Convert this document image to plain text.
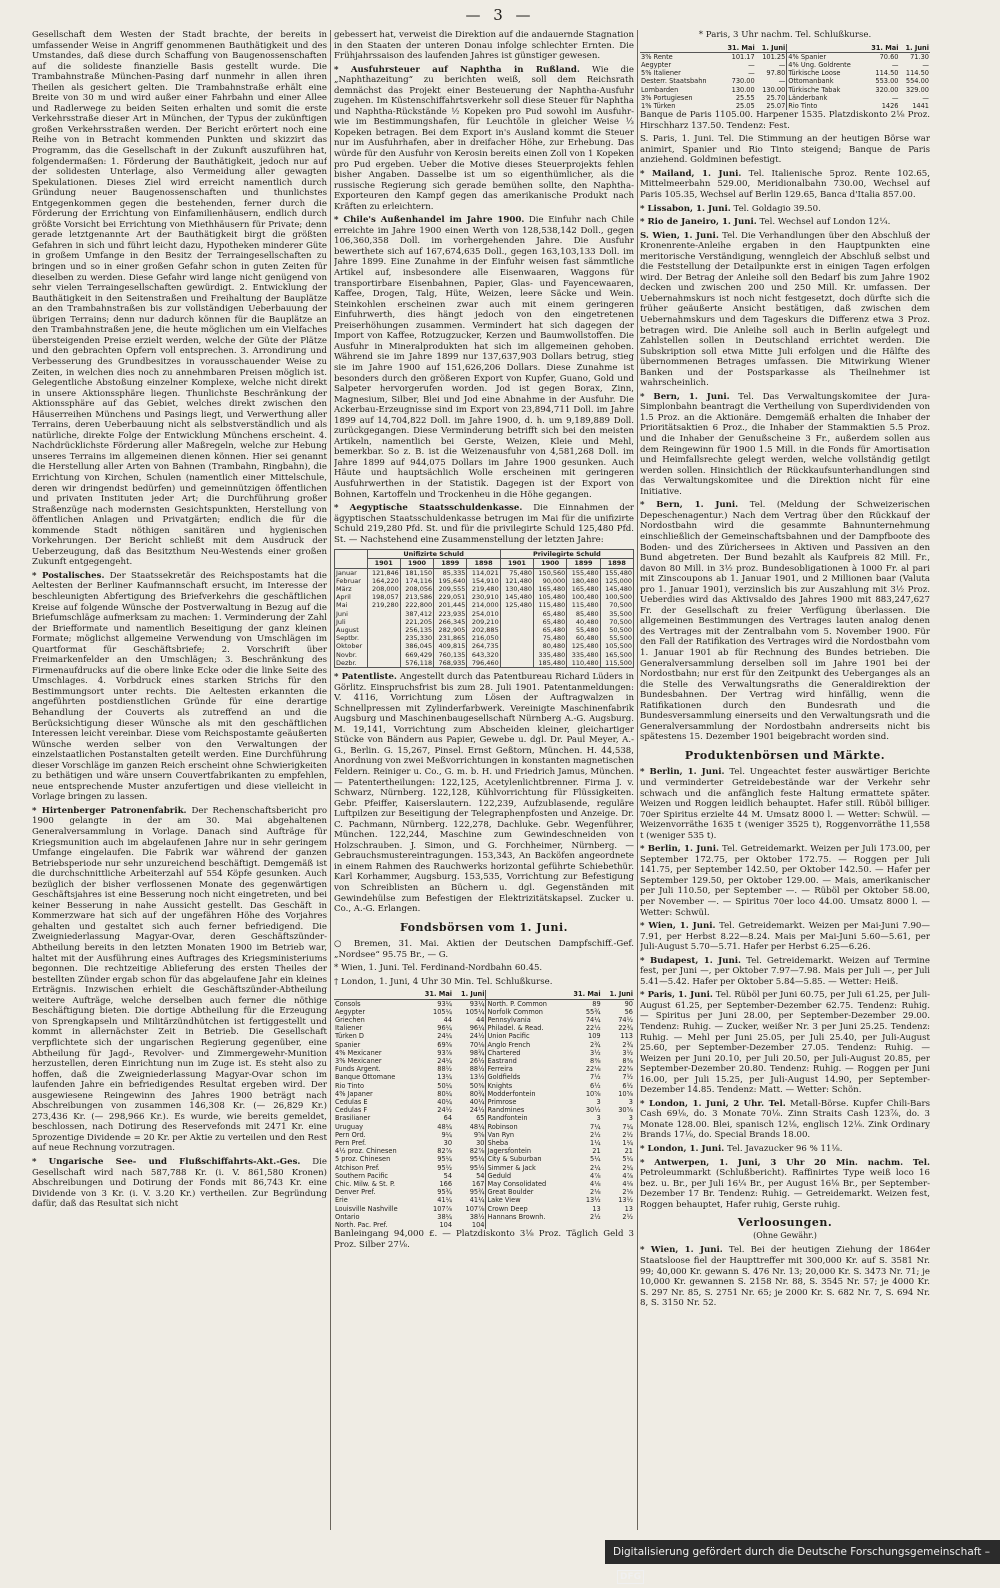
— 3 —
Gesellschaft dem Westen der Stadt brachte, der bereits in umfassender Weise in Angriff genommenen Bauthätigkeit und des Umstandes, daß diese durch Schaffung von Baugenossenschaften auf die solideste finanzielle Basis gestellt wurde. Die Trambahnstraße München-Pasing darf nunmehr in allen ihren Theilen als gesichert gelten. Die Trambahnstraße erhält eine Breite von 30 m und wird außer einer Fahrbahn und einer Allee und Radlerwege zu beiden Seiten erhalten und somit die erste Verkehrsstraße dieser Art in München, der Typus der zukünftigen großen Verkehrsstraßen werden. Der Bericht erörtert noch eine Reihe von in Betracht kommenden Punkten und skizzirt das Programm, das die Gesellschaft in der Zukunft auszuführen hat, folgendermaßen: 1. Förderung der Bauthätigkeit, jedoch nur auf der solidesten Unterlage, also Vermeidung aller gewagten Spekulationen. Dieses Ziel wird erreicht namentlich durch Gründung neuer Baugenossenschaften und thunlichstes Entgegenkommen gegen die bestehenden, ferner durch die Förderung der Errichtung von Einfamilienhäusern, endlich durch größte Vorsicht bei Errichtung von Miethhäusern für Private; denn gerade letztgenannte Art der Bauthätigkeit birgt die größten Gefahren in sich und führt leicht dazu, Hypotheken minderer Güte in großem Umfange in den Besitz der Terraingesellschaften zu bringen und so in einer großen Gefahr schon in guten Zeiten für dieselben zu werden. Diese Gefahr wird lange nicht genügend von sehr vielen Terraingesellschaften gewürdigt. 2. Entwicklung der Bauthätigkeit in den Seitenstraßen und Freihaltung der Bauplätze an den Trambahnstraßen bis zur vollständigen Ueberbauung der übrigen Terrains; denn nur dadurch können für die Bauplätze an den Trambahnstraßen jene, die heute möglichen um ein Vielfaches übersteigenden Preise erzielt werden, welche der Güte der Plätze und den gebrachten Opfern voll entsprechen. 3. Arrondirung und Verbesserung des Grundbesitzes in vorausschauender Weise zu Zeiten, in welchen dies noch zu annehmbaren Preisen möglich ist. Gelegentliche Abstoßung einzelner Komplexe, welche nicht direkt in unsere Aktionssphäre liegen. Thunlichste Beschränkung der Aktionssphäre auf das Gebiet, welches direkt zwischen den Häuserreihen Münchens und Pasings liegt, und Verwerthung aller Terrains, deren Ueberbauung nicht als selbstverständlich und als natürliche, direkte Folge der Entwicklung Münchens erscheint. 4. Nachdrücklichste Förderung aller Maßregeln, welche zur Hebung unseres Terrains im allgemeinen dienen können. Hier sei genannt die Herstellung aller Arten von Bahnen (Trambahn, Ringbahn), die Errichtung von Kirchen, Schulen (namentlich einer Mittelschule, deren wir dringendst bedürfen) und gemeinnützigen öffentlichen und privaten Instituten jeder Art; die Durchführung großer Straßenzüge nach modernsten Gesichtspunkten, Herstellung von öffentlichen Anlagen und Privatgärten; endlich die für die kommende Stadt nöthigen sanitären und hygienischen Vorkehrungen. Der Bericht schließt mit dem Ausdruck der Ueberzeugung, daß das Besitzthum Neu-Westends einer großen Zukunft entgegengeht.
* Postalisches. Der Staatssekretär des Reichspostamts hat die Aeltesten der Berliner Kaufmannschaft ersucht, im Interesse der beschleunigten Abfertigung des Briefverkehrs die geschäftlichen Kreise auf folgende Wünsche der Postverwaltung in Bezug auf die Briefumschläge aufmerksam zu machen: 1. Verminderung der Zahl der Briefformate und namentlich Beseitigung der ganz kleinen Formate; möglichst allgemeine Verwendung von Umschlägen im Quartformat für Geschäftsbriefe; 2. Vorschrift über Freimarkenfelder an den Umschlägen; 3. Beschränkung des Firmenaufdrucks auf die obere linke Ecke oder die linke Seite des Umschlages. 4. Vorbdruck eines starken Strichs für den Bestimmungsort unter rechts. Die Aeltesten erkannten die angeführten postdienstlichen Gründe für eine derartige Behandlung der Couverts als zutreffend an und die Berücksichtigung dieser Wünsche als mit den geschäftlichen Interessen leicht vereinbar. Diese vom Reichspostamte geäußerten Wünsche werden selber von den Verwaltungen der einzelstaatlichen Postanstalten geteilt werden. Eine Durchführung dieser Vorschläge im ganzen Reich erscheint ohne Schwierigkeiten zu bethätigen und wäre unsern Couvertfabrikanten zu empfehlen, neue entsprechende Muster anzufertigen und diese vielleicht in Vorlage bringen zu lassen.
* Hirtenberger Patronenfabrik. Der Rechenschaftsbericht pro 1900 gelangte in der am 30. Mai abgehaltenen Generalversammlung in Vorlage. Danach sind Aufträge für Kriegsmunition auch im abgelaufenen Jahre nur in sehr geringem Umfange eingelaufen. Die Fabrik war während der ganzen Betriebsperiode nur sehr unzureichend beschäftigt. Demgemäß ist die durchschnittliche Arbeiterzahl auf 554 Köpfe gesunken. Auch bezüglich der bisher verflossenen Monate des gegenwärtigen Geschäftsjahres ist eine Besserung noch nicht eingetreten, und bei keiner Besserung in nahe Aussicht gestellt. Das Geschäft in Kommerzware hat sich auf der ungefähren Höhe des Vorjahres gehalten und gestaltet sich auch ferner befriedigend. Die Zweigniederlassung Magyar-Ovar, deren Geschäftszünder-Abtheilung bereits in den letzten Monaten 1900 im Betrieb war, haltet mit der Ausführung eines Auftrages des Kriegsministeriums begonnen. Die rechtzeitige Ablieferung des ersten Theiles der bestellten Zünder ergab schon für das abgelaufene Jahr ein kleines Erträgnis. Inzwischen erhielt die Geschäftszünder-Abtheilung weitere Aufträge, welche derselben auch ferner die nöthige Beschäftigung bieten. Die dortige Abtheilung für die Erzeugung von Sprengkapseln und Militärzündhütchen ist fertiggestellt und kommt in allernächster Zeit in Betrieb. Die Gesellschaft verpflichtete sich der ungarischen Regierung gegenüber, eine Abtheilung für Jagd-, Revolver- und Zimmergewehr-Munition herzustellen, deren Einrichtung nun im Zuge ist. Es steht also zu hoffen, daß die Zweigniederlassung Magyar-Ovar schon im laufenden Jahre ein befriedigendes Resultat ergeben wird. Der ausgewiesene Reingewinn des Jahres 1900 beträgt nach Abschreibungen von zusammen 146,308 Kr. (— 26,829 Kr.) 273,436 Kr. (— 298,966 Kr.). Es wurde, wie bereits gemeldet, beschlossen, nach Dotirung des Reservefonds mit 2471 Kr. eine 5prozentige Dividende = 20 Kr. per Aktie zu verteilen und den Rest auf neue Rechnung vorzutragen.
* Ungarische See- und Flußschiffahrts-Akt.-Ges. Die Gesellschaft wird nach 587,788 Kr. (i. V. 861,580 Kronen) Abschreibungen und Dotirung der Fonds mit 86,743 Kr. eine Dividende von 3 Kr. (i. V. 3.20 Kr.) vertheilen. Zur Begründung dafür, daß das Resultat sich nicht
gebessert hat, verweist die Direktion auf die andauernde Stagnation in den Staaten der unteren Donau infolge schlechter Ernten. Die Frühjahrssaison des laufenden Jahres ist günstiger gewesen.
* Ausfuhrsteuer auf Naphtha in Rußland. Wie die „Naphthazeitung“ zu berichten weiß, soll dem Reichsrath demnächst das Projekt einer Besteuerung der Naphtha-Ausfuhr zugehen. Im Küstenschiffahrtsverkehr soll diese Steuer für Naphtha und Naphtha-Rückstände ½ Kopeken pro Pud sowohl im Ausfuhr- wie im Bestimmungshafen, für Leuchtöle in gleicher Weise ⅓ Kopeken betragen. Bei dem Export in's Ausland kommt die Steuer nur im Ausfuhrhafen, aber in dreifacher Höhe, zur Erhebung. Das würde für den Ausfuhr von Kerosin bereits einen Zoll von 1 Kopeken pro Pud ergeben. Ueber die Motive dieses Steuerprojekts fehlen bisher Angaben. Dasselbe ist um so eigenthümlicher, als die russische Regierung sich gerade bemühen sollte, den Naphtha-Exporteuren den Kampf gegen das amerikanische Produkt nach Kräften zu erleichtern.
* Chile's Außenhandel im Jahre 1900. Die Einfuhr nach Chile erreichte im Jahre 1900 einen Werth von 128,538,142 Doll., gegen 106,360,358 Doll. im vorhergehenden Jahre. Die Ausfuhr bewerthete sich auf 167,674,635 Doll., gegen 163,103,133 Doll. im Jahre 1899. Eine Zunahme in der Einfuhr weisen fast sämmtliche Artikel auf, insbesondere alle Eisenwaaren, Waggons für transportirbare Eisenbahnen, Papier, Glas- und Fayencewaaren, Kaffee, Drogen, Talg, Hüte, Weizen, leere Säcke und Wein. Steinkohlen erscheinen zwar auch mit einem geringeren Einfuhrwerth, dies hängt jedoch von den eingetretenen Preiserhöhungen zusammen. Vermindert hat sich dagegen der Import von Kaffee, Rotzugzucker, Kerzen und Baumwollstoffen. Die Ausfuhr in Mineralprodukten hat sich im allgemeinen gehoben. Während sie im Jahre 1899 nur 137,637,903 Dollars betrug, stieg sie im Jahre 1900 auf 151,626,206 Dollars. Diese Zunahme ist besonders durch den größeren Export von Kupfer, Guano, Gold und Salpeter hervorgerufen worden. Jod ist gegen Borax, Zinn, Magnesium, Silber, Blei und Jod eine Abnahme in der Ausfuhr. Die Ackerbau-Erzeugnisse sind im Export von 23,894,711 Doll. im Jahre 1899 auf 14,704,822 Doll. im Jahre 1900, d. h. um 9,189,889 Doll. zurückgegangen. Diese Verminderung betrifft sich bei den meisten Artikeln, namentlich bei Gerste, Weizen, Kleie und Mehl, bemerkbar. So z. B. ist die Weizenausfuhr von 4,581,268 Doll. im Jahre 1899 auf 944,075 Dollars im Jahre 1900 gesunken. Auch Häute und hauptsächlich Wolle erscheinen mit geringeren Ausfuhrwerthen in der Statistik. Dagegen ist der Export von Bohnen, Kartoffeln und Trockenheu in die Höhe gegangen.
* Aegyptische Staatsschuldenkasse. Die Einnahmen der ägyptischen Staatsschuldenkasse betrugen im Mai für die unifizirte Schuld 219,280 Pfd. St. und für die privilegirte Schuld 125,480 Pfd. St. — Nachstehend eine Zusammenstellung der letzten Jahre:
	Unifizirte Schuld				Privilegirte Schuld			
	1901	1900	1899	1898	1901	1900	1899	1898
Januar	121,846	181,150	85,335	114,021	75,480	150,560	155,480	155,480
Februar	164,220	174,116	195,640	154,910	121,480	90,000	180,480	125,000
März	208,000	208,056	209,555	219,480	130,480	165,480	165,480	145,480
April	198,057	213,586	229,051	230,910	145,480	105,480	100,480	100,500
Mai	219,280	222,800	201,445	214,000	125,480	115,480	115,480	70,500
Juni		387,412	223,935	254,010		65,480	85,480	35,500
Juli		221,205	266,345	209,210		65,480	40,480	70,500
August		256,135	282,905	202,885		65,480	55,480	50,500
Septbr.		235,330	231,865	216,050		75,480	60,480	55,500
Oktober		386,045	409,815	264,735		80,480	125,480	105,500
Novbr.		669,429	760,135	643,320		335,480	335,480	165,500
Dezbr.		576,118	768,935	796,460		185,480	110,480	115,500
* Patentliste. Angestellt durch das Patentbureau Richard Lüders in Görlitz. Einspruchsfrist bis zum 28. Juli 1901. Patentanmeldungen: V. 4116, Vorrichtung zum Lösen der Auftragwalzen in Schnellpressen mit Zylinderfarbwerk. Vereinigte Maschinenfabrik Augsburg und Maschinenbaugesellschaft Nürnberg A.-G. Augsburg. M. 19,141, Vorrichtung zum Abscheiden kleiner, gleichartiger Stücke von Bändern aus Papier, Gewebe u. dgl. Dr. Paul Meyer, A.-G., Berlin. G. 15,267, Pinsel. Ernst Geßtorn, München. H. 44,538, Anordnung von zwei Meßvorrichtungen in konstanten magnetischen Feldern. Reiniger u. Co., G. m. b. H. und Friedrich Jamus, München. — Patentertheilungen: 122,125, Acetylenlichtbrenner. Firma J. v. Schwarz, Nürnberg. 122,128, Kühlvorrichtung für Flüssigkeiten. Gebr. Pfeiffer, Kaiserslautern. 122,239, Aufzublasende, reguläre Luftpilzen zur Beseitigung der Telegraphenpfosten und Anzeige. Dr. C. Pachmann, Nürnberg. 122,278, Dachluke. Gebr. Wegenführer, München. 122,244, Maschine zum Gewindeschneiden von Holzschrauben. J. Simon, und G. Forchheimer, Nürnberg. — Gebrauchsmustereintragungen. 153,343, An Backöfen angeordnete in einem Rahmen des Rauchwerks horizontal geführte Schiebethür. Karl Korhammer, Augsburg. 153,535, Vorrichtung zur Befestigung von Schreiblisten an Büchern u. dgl. Gegenständen mit Gewindehülse zum Befestigen der Elektrizitätskapsel. Zucker u. Co., A.-G. Erlangen.
Fondsbörsen vom 1. Juni.
○ Bremen, 31. Mai. Aktien der Deutschen Dampfschiff.-Gef. „Nordsee“ 95.75 Br., — G.
* Wien, 1. Juni. Tel. Ferdinand-Nordbahn 60.45.
† London, 1. Juni, 4 Uhr 30 Min. Tel. Schlußkurse.
	31. Mai	1. Juni		31. Mai	1. Juni
Consols	93¼	93¼	North. P. Common	89	90
Aegypter	105¼	105¼	Norfolk Common	55¾	56
Griechen	44	44	Pennsylvania	74¼	74½
Italiener	96¼	96¼	Philadel. & Read.	22½	22¾
Türken D	24¼	24½	Union Pacific	109	113
Spanier	69⅝	70⅛	Anglo French	2¾	2¾
4% Mexicaner	93⅞	98¾	Chartered	3½	3½
3% Mexicaner	24¼	26½	Eastrand	8⅜	8⅜
Funds Argent.	88½	88½	Ferreira	22⅛	22⅜
Banque Ottomane	13¼	13½	Goldfields	7½	7½
Rio Tinto	50¼	50⅜	Knights	6½	6½
4% Japaner	80¼	80¾	Modderfontein	10⅝	10⅝
Cedulas E	40¼	40¼	Primrose	3	3
Cedulas F	24½	24½	Randmines	30½	30⅝
Brasilianer	64	65	Randfontein	3	3
Uruguay	48¼	48¼	Robinson	7¼	7¼
Pern Ord.	9¼	9⅝	Van Ryn	2½	2½
Pern Pref.	30	30	Sheba	1¼	1¼
4½ proz. Chinesen	82⅞	82⅞	Jagersfontein	21	21
5 proz. Chinesen	95¼	95¼	City & Suburban	5¼	5¼
Atchison Pref.	95½	95½	Simmer & Jack	2¼	2¼
Southern Pacific	54	54	Geduld	4⅞	4⅞
Chic. Milw. & St. P.	166	167	May Consolidated	4⅛	4⅛
Denver Pref.	95¾	95¾	Great Boulder	2⅛	2⅛
Erie	41¼	41¼	Lake View	13½	13½
Louisville Nashville	107⅞	107⅞	Crown Deep	13	13
Ontario	38¼	38½	Hannans Brownh.	2½	2½
North. Pac. Pref.	104	104			
Banleingang 94,000 £. — Platzdiskonto 3⅛ Proz. Täglich Geld 3 Proz. Silber 27⅛.
* Paris, 3 Uhr nachm. Tel. Schlußkurse.
	31. Mai	1. Juni		31. Mai	1. Juni
3% Rente	101.17	101.25	4% Spanier	70.60	71.30
Aegypter	—	—	4% Ung. Goldrente	—	—
5% Italiener	—	97.80	Türkische Loose	114.50	114.50
Desterr. Staatsbahn	730.00	—	Ottomanbank	553.00	554.00
Lombarden	130.00	130.00	Türkische Tabak	320.00	329.00
3% Portugiesen	25.55	25.70	Länderbank	—	—
1% Türken	25.05	25.07	Rio Tinto	1426	1441
Banque de Paris 1105.00. Harpener 1535. Platzdiskonto 2⅛ Proz. Hirschharz 137.50. Tendenz: Fest.
S. Paris, 1. Juni. Tel. Die Stimmung an der heutigen Börse war animirt, Spanier und Rio Tinto steigend; Banque de Paris anziehend. Goldminen befestigt.
* Mailand, 1. Juni. Tel. Italienische 5proz. Rente 102.65, Mittelmeerbahn 529.00, Meridionalbahn 730.00, Wechsel auf Paris 105.35, Wechsel auf Berlin 129.65, Banca d'Italia 857.00.
* Lissabon, 1. Juni. Tel. Goldagio 39.50.
* Rio de Janeiro, 1. Juni. Tel. Wechsel auf London 12¼.
S. Wien, 1. Juni. Tel. Die Verhandlungen über den Abschluß der Kronenrente-Anleihe ergaben in den Hauptpunkten eine meritorische Verständigung, wenngleich der Abschluß selbst und die Feststellung der Detailpunkte erst in einigen Tagen erfolgen wird. Der Betrag der Anleihe soll den Bedarf bis zum Jahre 1902 decken und zwischen 200 und 250 Mill. Kr. umfassen. Der Uebernahmskurs ist noch nicht festgesetzt, doch dürfte sich die früher geäußerte Ansicht bestätigen, daß zwischen dem Uebernahmskurs und dem Tageskurs die Differenz etwa 3 Proz. betragen wird. Die Anleihe soll auch in Berlin aufgelegt und Zahlstellen sollen in Deutschland errichtet werden. Die Subskription soll etwa Mitte Juli erfolgen und die Hälfte des übernommenen Betrages umfassen. Die Mitwirkung Wiener Banken und der Postsparkasse als Theilnehmer ist wahrscheinlich.
* Bern, 1. Juni. Tel. Das Verwaltungskomitee der Jura-Simplonbahn beantragt die Vertheilung von Superdividenden von 1.5 Proz. an die Aktionäre. Demgemäß erhalten die Inhaber der Prioritätsaktien 6 Proz., die Inhaber der Stammaktien 5.5 Proz. und die Inhaber der Genußscheine 3 Fr., außerdem sollen aus dem Reingewinn für 1900 1.5 Mill. in die Fonds für Amortisation und Heimfallsrechte gelegt werden, welche vollständig getilgt werden sollen. Hinsichtlich der Rückkaufsunterhandlungen sind das Verwaltungskomitee und die Direktion nicht für eine Initiative.
* Bern, 1. Juni. Tel. (Meldung der Schweizerischen Depeschenagentur.) Nach dem Vertrag über den Rückkauf der Nordostbahn wird die gesammte Bahnunternehmung einschließlich der Gemeinschaftsbahnen und der Dampfboote des Boden- und des Zürichersees in Aktiven und Passiven an den Bund abgetreten. Der Bund bezahlt als Kaufpreis 82 Mill. Fr., davon 80 Mill. in 3½ proz. Bundesobligationen à 1000 Fr. al pari mit Zinscoupons ab 1. Januar 1901, und 2 Millionen baar (Valuta pro 1. Januar 1901), verzinslich bis zur Auszahlung mit 3½ Proz. Ueberdies wird das Aktivsaldo des Jahres 1900 mit 883,247,627 Fr. der Gesellschaft zu freier Verfügung überlassen. Die allgemeinen Bestimmungen des Vertrages lauten analog denen des Vertrages mit der Zentralbahn vom 5. November 1900. Für den Fall der Ratifikation des Vertrages wird die Nordostbahn vom 1. Januar 1901 ab für Rechnung des Bundes betrieben. Die Generalversammlung derselben soll im Jahre 1901 bei der Nordostbahn; nur erst für den Zeitpunkt des Ueberganges als an die Stelle des Verwaltungsraths die Generaldirektion der Bundesbahnen. Der Vertrag wird hinfällig, wenn die Ratifikationen durch den Bundesrath und die Bundesversammlung einerseits und den Verwaltungsrath und die Generalversammlung der Nordostbahn andrerseits nicht bis spätestens 15. Dezember 1901 beigebracht worden sind.
Produktenbörsen und Märkte.
* Berlin, 1. Juni. Tel. Ungeachtet fester auswärtiger Berichte und verminderter Getreidebestände war der Verkehr sehr schwach und die anfänglich feste Haltung ermattete später. Weizen und Roggen leidlich behauptet. Hafer still. Rüböl billiger. 70er Spiritus erzielte 44 M. Umsatz 8000 l. — Wetter: Schwül. — Weizenvorräthe 1635 t (weniger 3525 t), Roggenvorräthe 11,558 t (weniger 535 t).
* Berlin, 1. Juni. Tel. Getreidemarkt. Weizen per Juli 173.00, per September 172.75, per Oktober 172.75. — Roggen per Juli 141.75, per September 142.50, per Oktober 142.50. — Hafer per September 129.50, per Oktober 129.00. — Mais, amerikanischer per Juli 110.50, per September —. — Rüböl per Oktober 58.00, per November —. — Spiritus 70er loco 44.00. Umsatz 8000 l. — Wetter: Schwül.
* Wien, 1. Juni. Tel. Getreidemarkt. Weizen per Mai-Juni 7.90—7.91, per Herbst 8.22—8.24. Mais per Mai-Juni 5.60—5.61, per Juli-August 5.70—5.71. Hafer per Herbst 6.25—6.26.
* Budapest, 1. Juni. Tel. Getreidemarkt. Weizen auf Termine fest, per Juni —, per Oktober 7.97—7.98. Mais per Juli —, per Juli 5.41—5.42. Hafer per Oktober 5.84—5.85. — Wetter: Heiß.
* Paris, 1. Juni. Tel. Rüböl per Juni 60.75, per Juli 61.25, per Juli-August 61.25, per September-Dezember 62.75. Tendenz: Ruhig. — Spiritus per Juni 28.00, per September-Dezember 29.00. Tendenz: Ruhig. — Zucker, weißer Nr. 3 per Juni 25.25. Tendenz: Ruhig. — Mehl per Juni 25.05, per Juli 25.40, per Juli-August 25.60, per September-Dezember 27.05. Tendenz: Ruhig. — Weizen per Juni 20.10, per Juli 20.50, per Juli-August 20.85, per September-Dezember 20.80. Tendenz: Ruhig. — Roggen per Juni 16.00, per Juli 15.25, per Juli-August 14.90, per September-Dezember 14.85. Tendenz: Matt. — Wetter: Schön.
* London, 1. Juni, 2 Uhr. Tel. Metall-Börse. Kupfer Chili-Bars Cash 69⅛, do. 3 Monate 70⅛. Zinn Straits Cash 123⅞, do. 3 Monate 128.00. Blei, spanisch 12⅛, englisch 12⅛. Zink Ordinary Brands 17⅛, do. Special Brands 18.00.
* London, 1. Juni. Tel. Javazucker 96 % 11⅛.
* Antwerpen, 1. Juni, 3 Uhr 20 Min. nachm. Tel. Petroleummarkt (Schlußbericht). Raffinirtes Type weiß loco 16 bez. u. Br., per Juli 16¼ Br., per August 16⅛ Br., per September-Dezember 17 Br. Tendenz: Ruhig. — Getreidemarkt. Weizen fest, Roggen behauptet, Hafer ruhig, Gerste ruhig.
Verloosungen.
(Ohne Gewähr.)
* Wien, 1. Juni. Tel. Bei der heutigen Ziehung der 1864er Staatsloose fiel der Haupttreffer mit 300,000 Kr. auf S. 3581 Nr. 99; 40,000 Kr. gewann S. 476 Nr. 13; 20,000 Kr. S. 3473 Nr. 71; je 10,000 Kr. gewannen S. 2158 Nr. 88, S. 3545 Nr. 57; je 4000 Kr. S. 297 Nr. 85, S. 2751 Nr. 65; je 2000 Kr. S. 682 Nr. 7, S. 694 Nr. 8, S. 3150 Nr. 52.
Digitalisierung gefördert durch die Deutsche Forschungsgemeinschaft – DFG
